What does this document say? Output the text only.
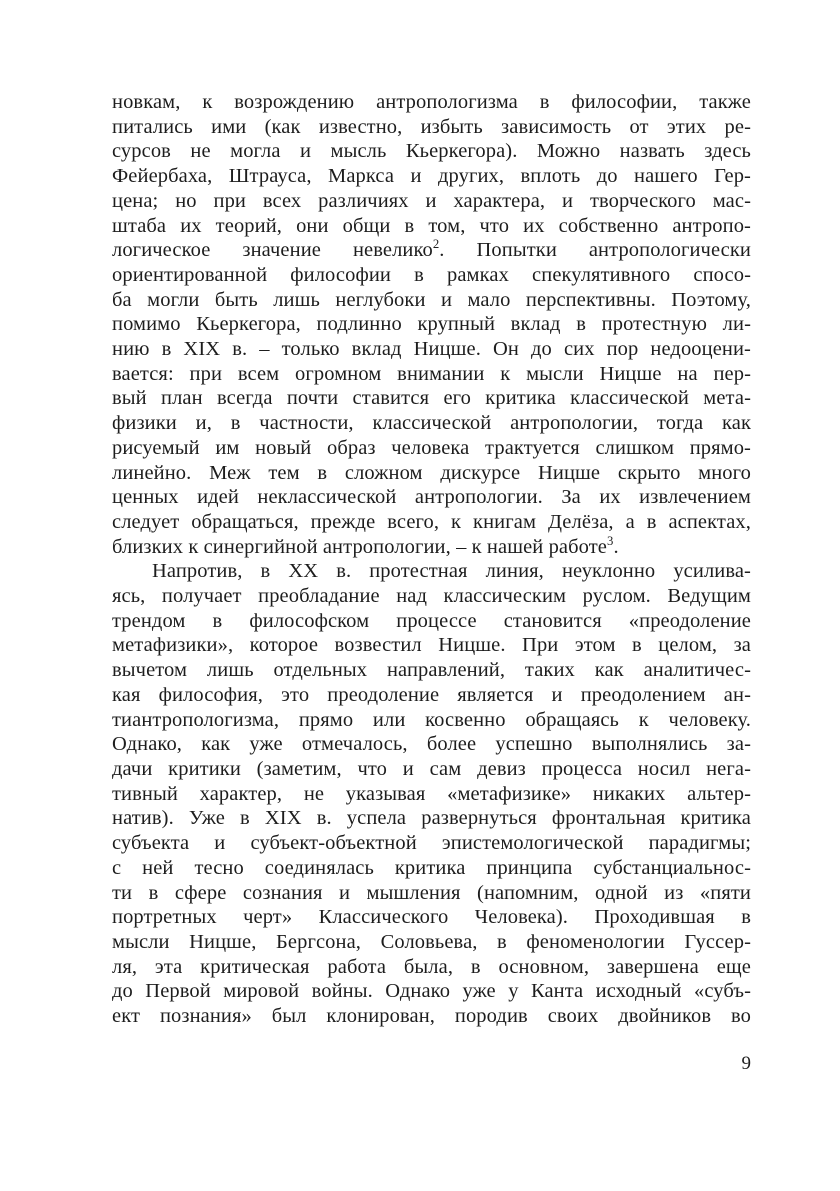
новкам, к возрождению антропологизма в философии, также
питались ими (как известно, избыть зависимость от этих ре-
сурсов не могла и мысль Кьеркегора). Можно назвать здесь
Фейербаха, Штрауса, Маркса и других, вплоть до нашего Гер-
цена; но при всех различиях и характера, и творческого мас-
штаба их теорий, они общи в том, что их собственно антропо-
логическое значение невелико$^2$. Попытки антропологически
ориентированной философии в рамках спекулятивного спосо-
ба могли быть лишь неглубоки и мало перспективны. Поэтому,
помимо Кьеркегора, подлинно крупный вклад в протестную ли-
нию в XIX в. – только вклад Ницше. Он до сих пор недооцени-
вается: при всем огромном внимании к мысли Ницше на пер-
вый план всегда почти ставится его критика классической мета-
физики и, в частности, классической антропологии, тогда как
рисуемый им новый образ человека трактуется слишком прямо-
линейно. Меж тем в сложном дискурсе Ницше скрыто много
ценных идей неклассической антропологии. За их извлечением
следует обращаться, прежде всего, к книгам Делёза, а в аспектах,
близких к синергийной антропологии, – к нашей работе$^3$.
Напротив, в XX в. протестная линия, неуклонно усилива-
ясь, получает преобладание над классическим руслом. Ведущим
трендом в философском процессе становится «преодоление
метафизики», которое возвестил Ницше. При этом в целом, за
вычетом лишь отдельных направлений, таких как аналитичес-
кая философия, это преодоление является и преодолением ан-
тиантропологизма, прямо или косвенно обращаясь к человеку.
Однако, как уже отмечалось, более успешно выполнялись за-
дачи критики (заметим, что и сам девиз процесса носил нега-
тивный характер, не указывая «метафизике» никаких альтер-
натив). Уже в XIX в. успела развернуться фронтальная критика
субъекта и субъект-объектной эпистемологической парадигмы;
с ней тесно соединялась критика принципа субстанциальнос-
ти в сфере сознания и мышления (напомним, одной из «пяти
портретных черт» Классического Человека). Проходившая в
мысли Ницше, Бергсона, Соловьева, в феноменологии Гуссер-
ля, эта критическая работа была, в основном, завершена еще
до Первой мировой войны. Однако уже у Канта исходный «субъ-
ект познания» был клонирован, породив своих двойников во
9
